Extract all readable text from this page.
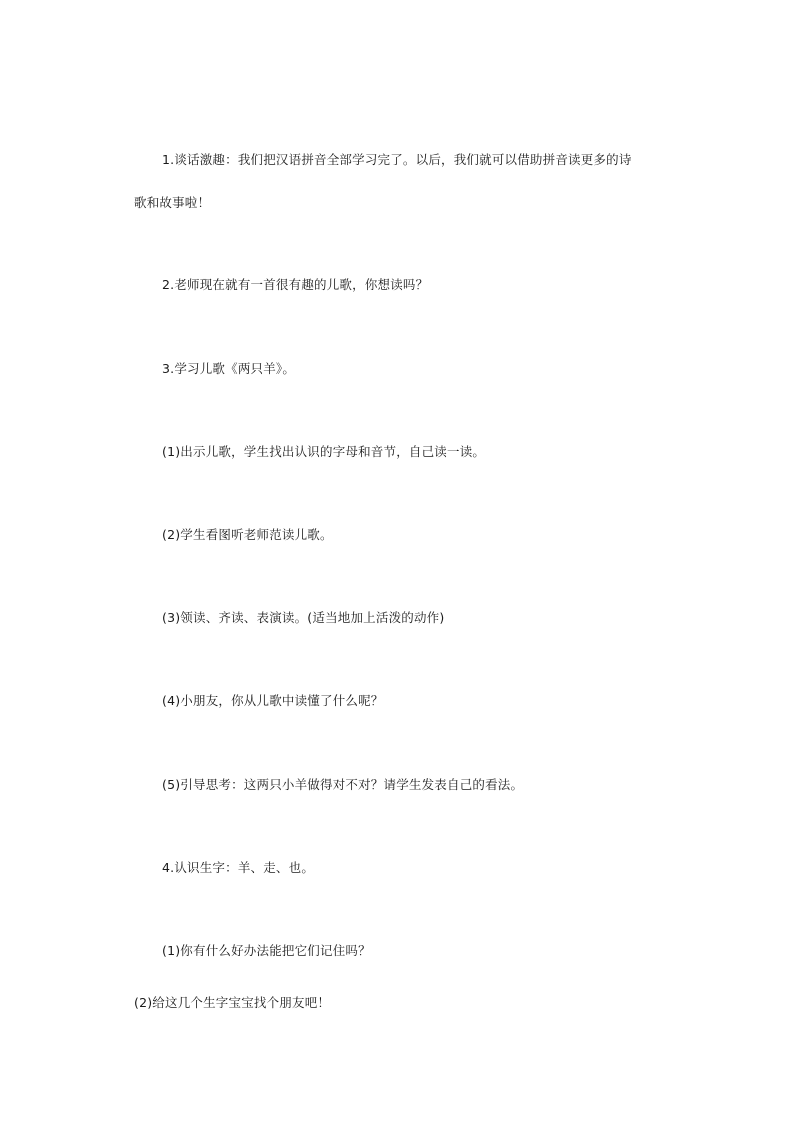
1.谈话激趣：我们把汉语拼音全部学习完了。以后，我们就可以借助拼音读更多的诗

歌和故事啦！

2.老师现在就有一首很有趣的儿歌，你想读吗？

3.学习儿歌《两只羊》。

(1)出示儿歌，学生找出认识的字母和音节，自己读一读。

(2)学生看图听老师范读儿歌。

(3)领读、齐读、表演读。(适当地加上活泼的动作)

(4)小朋友，你从儿歌中读懂了什么呢？

(5)引导思考：这两只小羊做得对不对？请学生发表自己的看法。

4.认识生字：羊、走、也。

(1)你有什么好办法能把它们记住吗？

(2)给这几个生字宝宝找个朋友吧！
